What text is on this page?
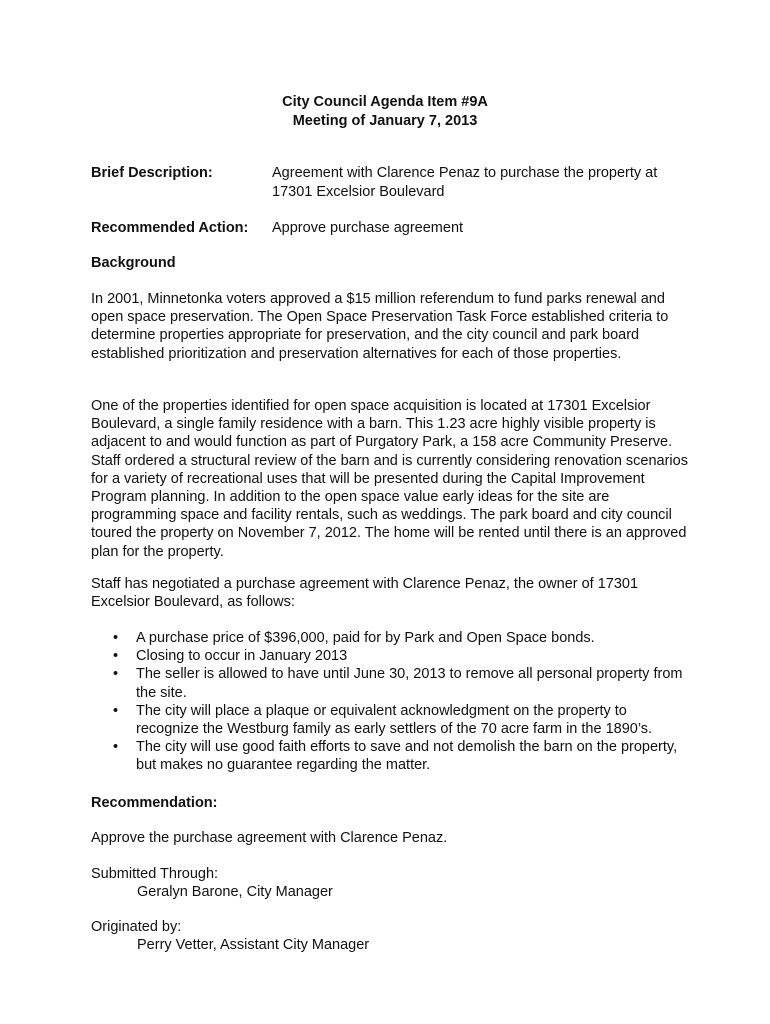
City Council Agenda Item #9A
Meeting of January 7, 2013
Brief Description:	Agreement with Clarence Penaz to purchase the property at 17301 Excelsior Boulevard
Recommended Action: Approve purchase agreement
Background
In 2001, Minnetonka voters approved a $15 million referendum to fund parks renewal and open space preservation. The Open Space Preservation Task Force established criteria to determine properties appropriate for preservation, and the city council and park board established prioritization and preservation alternatives for each of those properties.
One of the properties identified for open space acquisition is located at 17301 Excelsior Boulevard, a single family residence with a barn. This 1.23 acre highly visible property is adjacent to and would function as part of Purgatory Park, a 158 acre Community Preserve. Staff ordered a structural review of the barn and is currently considering renovation scenarios for a variety of recreational uses that will be presented during the Capital Improvement Program planning. In addition to the open space value early ideas for the site are programming space and facility rentals, such as weddings. The park board and city council toured the property on November 7, 2012. The home will be rented until there is an approved plan for the property.
Staff has negotiated a purchase agreement with Clarence Penaz, the owner of 17301 Excelsior Boulevard, as follows:
• A purchase price of $396,000, paid for by Park and Open Space bonds.
• Closing to occur in January 2013
• The seller is allowed to have until June 30, 2013 to remove all personal property from the site.
• The city will place a plaque or equivalent acknowledgment on the property to recognize the Westburg family as early settlers of the 70 acre farm in the 1890’s.
• The city will use good faith efforts to save and not demolish the barn on the property, but makes no guarantee regarding the matter.
Recommendation:
Approve the purchase agreement with Clarence Penaz.
Submitted Through:
Geralyn Barone, City Manager
Originated by:
Perry Vetter, Assistant City Manager
